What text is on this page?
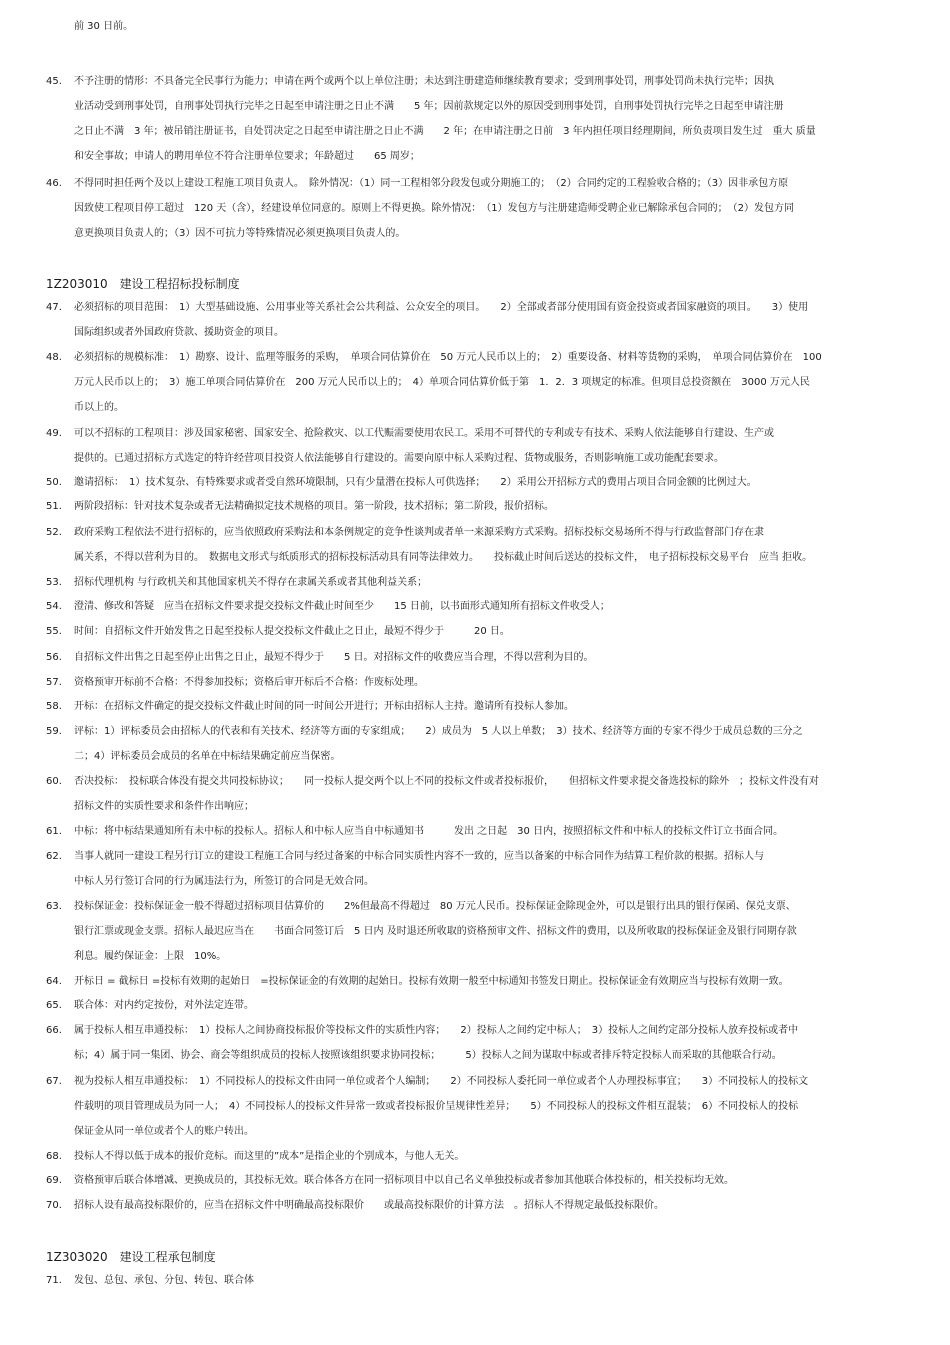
前 30 日前。
45.	不予注册的情形：不具备完全民事行为能力；申请在两个或两个以上单位注册；未达到注册建造师继续教育要求；受到刑事处罚，刑事处罚尚未执行完毕；因执
业活动受到刑事处罚，自刑事处罚执行完毕之日起至申请注册之日止不满　　5 年；因前款规定以外的原因受到刑事处罚，自刑事处罚执行完毕之日起至申请注册
之日止不满　3 年；被吊销注册证书，自处罚决定之日起至申请注册之日止不满　　2 年；在申请注册之日前　3 年内担任项目经理期间，所负责项目发生过　重大 质量
和安全事故；申请人的聘用单位不符合注册单位要求；年龄超过　　65 周岁；
46.	不得同时担任两个及以上建设工程施工项目负责人。　除外情况：（1）同一工程相邻分段发包或分期施工的；　（2）合同约定的工程验收合格的；（3）因非承包方原
因致使工程项目停工超过　120 天（含），经建设单位同意的。原则上不得更换。除外情况：　（1）发包方与注册建造师受聘企业已解除承包合同的；　（2）发包方同
意更换项目负责人的；（3）因不可抗力等特殊情况必须更换项目负责人的。
1Z203010　建设工程招标投标制度
47.	必须招标的项目范围：　1）大型基础设施、公用事业等关系社会公共利益、公众安全的项目。　　2）全部或者部分使用国有资金投资或者国家融资的项目。　　3）使用
国际组织或者外国政府贷款、援助资金的项目。
48.	必须招标的规模标准：　1）勘察、设计、监理等服务的采购，　单项合同估算价在　50 万元人民币以上的；　2）重要设备、材料等货物的采购，　单项合同估算价在　100
万元人民币以上的；　3）施工单项合同估算价在　200 万元人民币以上的；　4）单项合同估算价低于第　1．2．3 项规定的标准。但项目总投资额在　3000 万元人民
币以上的。
49.	可以不招标的工程项目：涉及国家秘密、国家安全、抢险救灾、以工代赈需要使用农民工。采用不可替代的专利或专有技术、采购人依法能够自行建设、生产或
提供的。已通过招标方式选定的特许经营项目投资人依法能够自行建设的。需要向原中标人采购过程、货物或服务，否则影响施工或功能配套要求。
50.	邀请招标：　1）技术复杂、有特殊要求或者受自然环境限制，只有少量潜在投标人可供选择；　　2）采用公开招标方式的费用占项目合同金额的比例过大。
51.	两阶段招标：针对技术复杂或者无法精确拟定技术规格的项目。第一阶段，技术招标；第二阶段，报价招标。
52.	政府采购工程依法不进行招标的，应当依照政府采购法和本条例规定的竞争性谈判或者单一来源采购方式采购。招标投标交易场所不得与行政监督部门存在隶
属关系，不得以营利为目的。　数据电文形式与纸质形式的招标投标活动具有同等法律效力。　　投标截止时间后送达的投标文件，　电子招标投标交易平台　应当 拒收。
53.	招标代理机构 与行政机关和其他国家机关不得存在隶属关系或者其他利益关系；
54.	澄清、修改和答疑　应当在招标文件要求提交投标文件截止时间至少　　15 日前，以书面形式通知所有招标文件收受人；
55.	时间：自招标文件开始发售之日起至投标人提交投标文件截止之日止，最短不得少于　　　20 日。
56.	自招标文件出售之日起至停止出售之日止，最短不得少于　　5 日。对招标文件的收费应当合理，不得以营利为目的。
57.	资格预审开标前不合格：不得参加投标；资格后审开标后不合格：作废标处理。
58.	开标：在招标文件确定的提交投标文件截止时间的同一时间公开进行；开标由招标人主持。邀请所有投标人参加。
59.	评标：1）评标委员会由招标人的代表和有关技术、经济等方面的专家组成；　　2）成员为　5 人以上单数；　3）技术、经济等方面的专家不得少于成员总数的三分之
二；4）评标委员会成员的名单在中标结果确定前应当保密。
60.	否决投标：　投标联合体没有提交共同投标协议；　　同一投标人提交两个以上不同的投标文件或者投标报价，　　但招标文件要求提交备选投标的除外　；投标文件没有对
招标文件的实质性要求和条件作出响应；
61.	中标：将中标结果通知所有未中标的投标人。招标人和中标人应当自中标通知书　　　发出 之日起　30 日内，按照招标文件和中标人的投标文件订立书面合同。
62.	当事人就同一建设工程另行订立的建设工程施工合同与经过备案的中标合同实质性内容不一致的，应当以备案的中标合同作为结算工程价款的根据。招标人与
中标人另行签订合同的行为属违法行为，所签订的合同是无效合同。
63.	投标保证金：投标保证金一般不得超过招标项目估算价的　　2%但最高不得超过　80 万元人民币。投标保证金除现金外，可以是银行出具的银行保函、保兑支票、
银行汇票或现金支票。招标人最迟应当在　　书面合同签订后　5 日内 及时退还所收取的资格预审文件、招标文件的费用，以及所收取的投标保证金及银行同期存款
利息。履约保证金：上限　10%。
64.	开标日 = 截标日 =投标有效期的起始日　=投标保证金的有效期的起始日。投标有效期一般至中标通知书签发日期止。投标保证金有效期应当与投标有效期一致。
65.	联合体：对内约定按份，对外法定连带。
66.	属于投标人相互串通投标：　1）投标人之间协商投标报价等投标文件的实质性内容；　　2）投标人之间约定中标人；　3）投标人之间约定部分投标人放弃投标或者中
标；4）属于同一集团、协会、商会等组织成员的投标人按照该组织要求协同投标；　　　5）投标人之间为谋取中标或者排斥特定投标人而采取的其他联合行动。
67.	视为投标人相互串通投标：　1）不同投标人的投标文件由同一单位或者个人编制；　　2）不同投标人委托同一单位或者个人办理投标事宜；　　3）不同投标人的投标文
件载明的项目管理成员为同一人；　4）不同投标人的投标文件异常一致或者投标报价呈规律性差异；　　5）不同投标人的投标文件相互混装；　6）不同投标人的投标
保证金从同一单位或者个人的账户转出。
68.	投标人不得以低于成本的报价竞标。而这里的”成本”是指企业的个别成本，与他人无关。
69.	资格预审后联合体增减、更换成员的，其投标无效。联合体各方在同一招标项目中以自己名义单独投标或者参加其他联合体投标的，相关投标均无效。
70.	招标人设有最高投标限价的，应当在招标文件中明确最高投标限价　　或最高投标限价的计算方法　。招标人不得规定最低投标限价。
1Z303020　建设工程承包制度
71.	发包、总包、承包、分包、转包、联合体
